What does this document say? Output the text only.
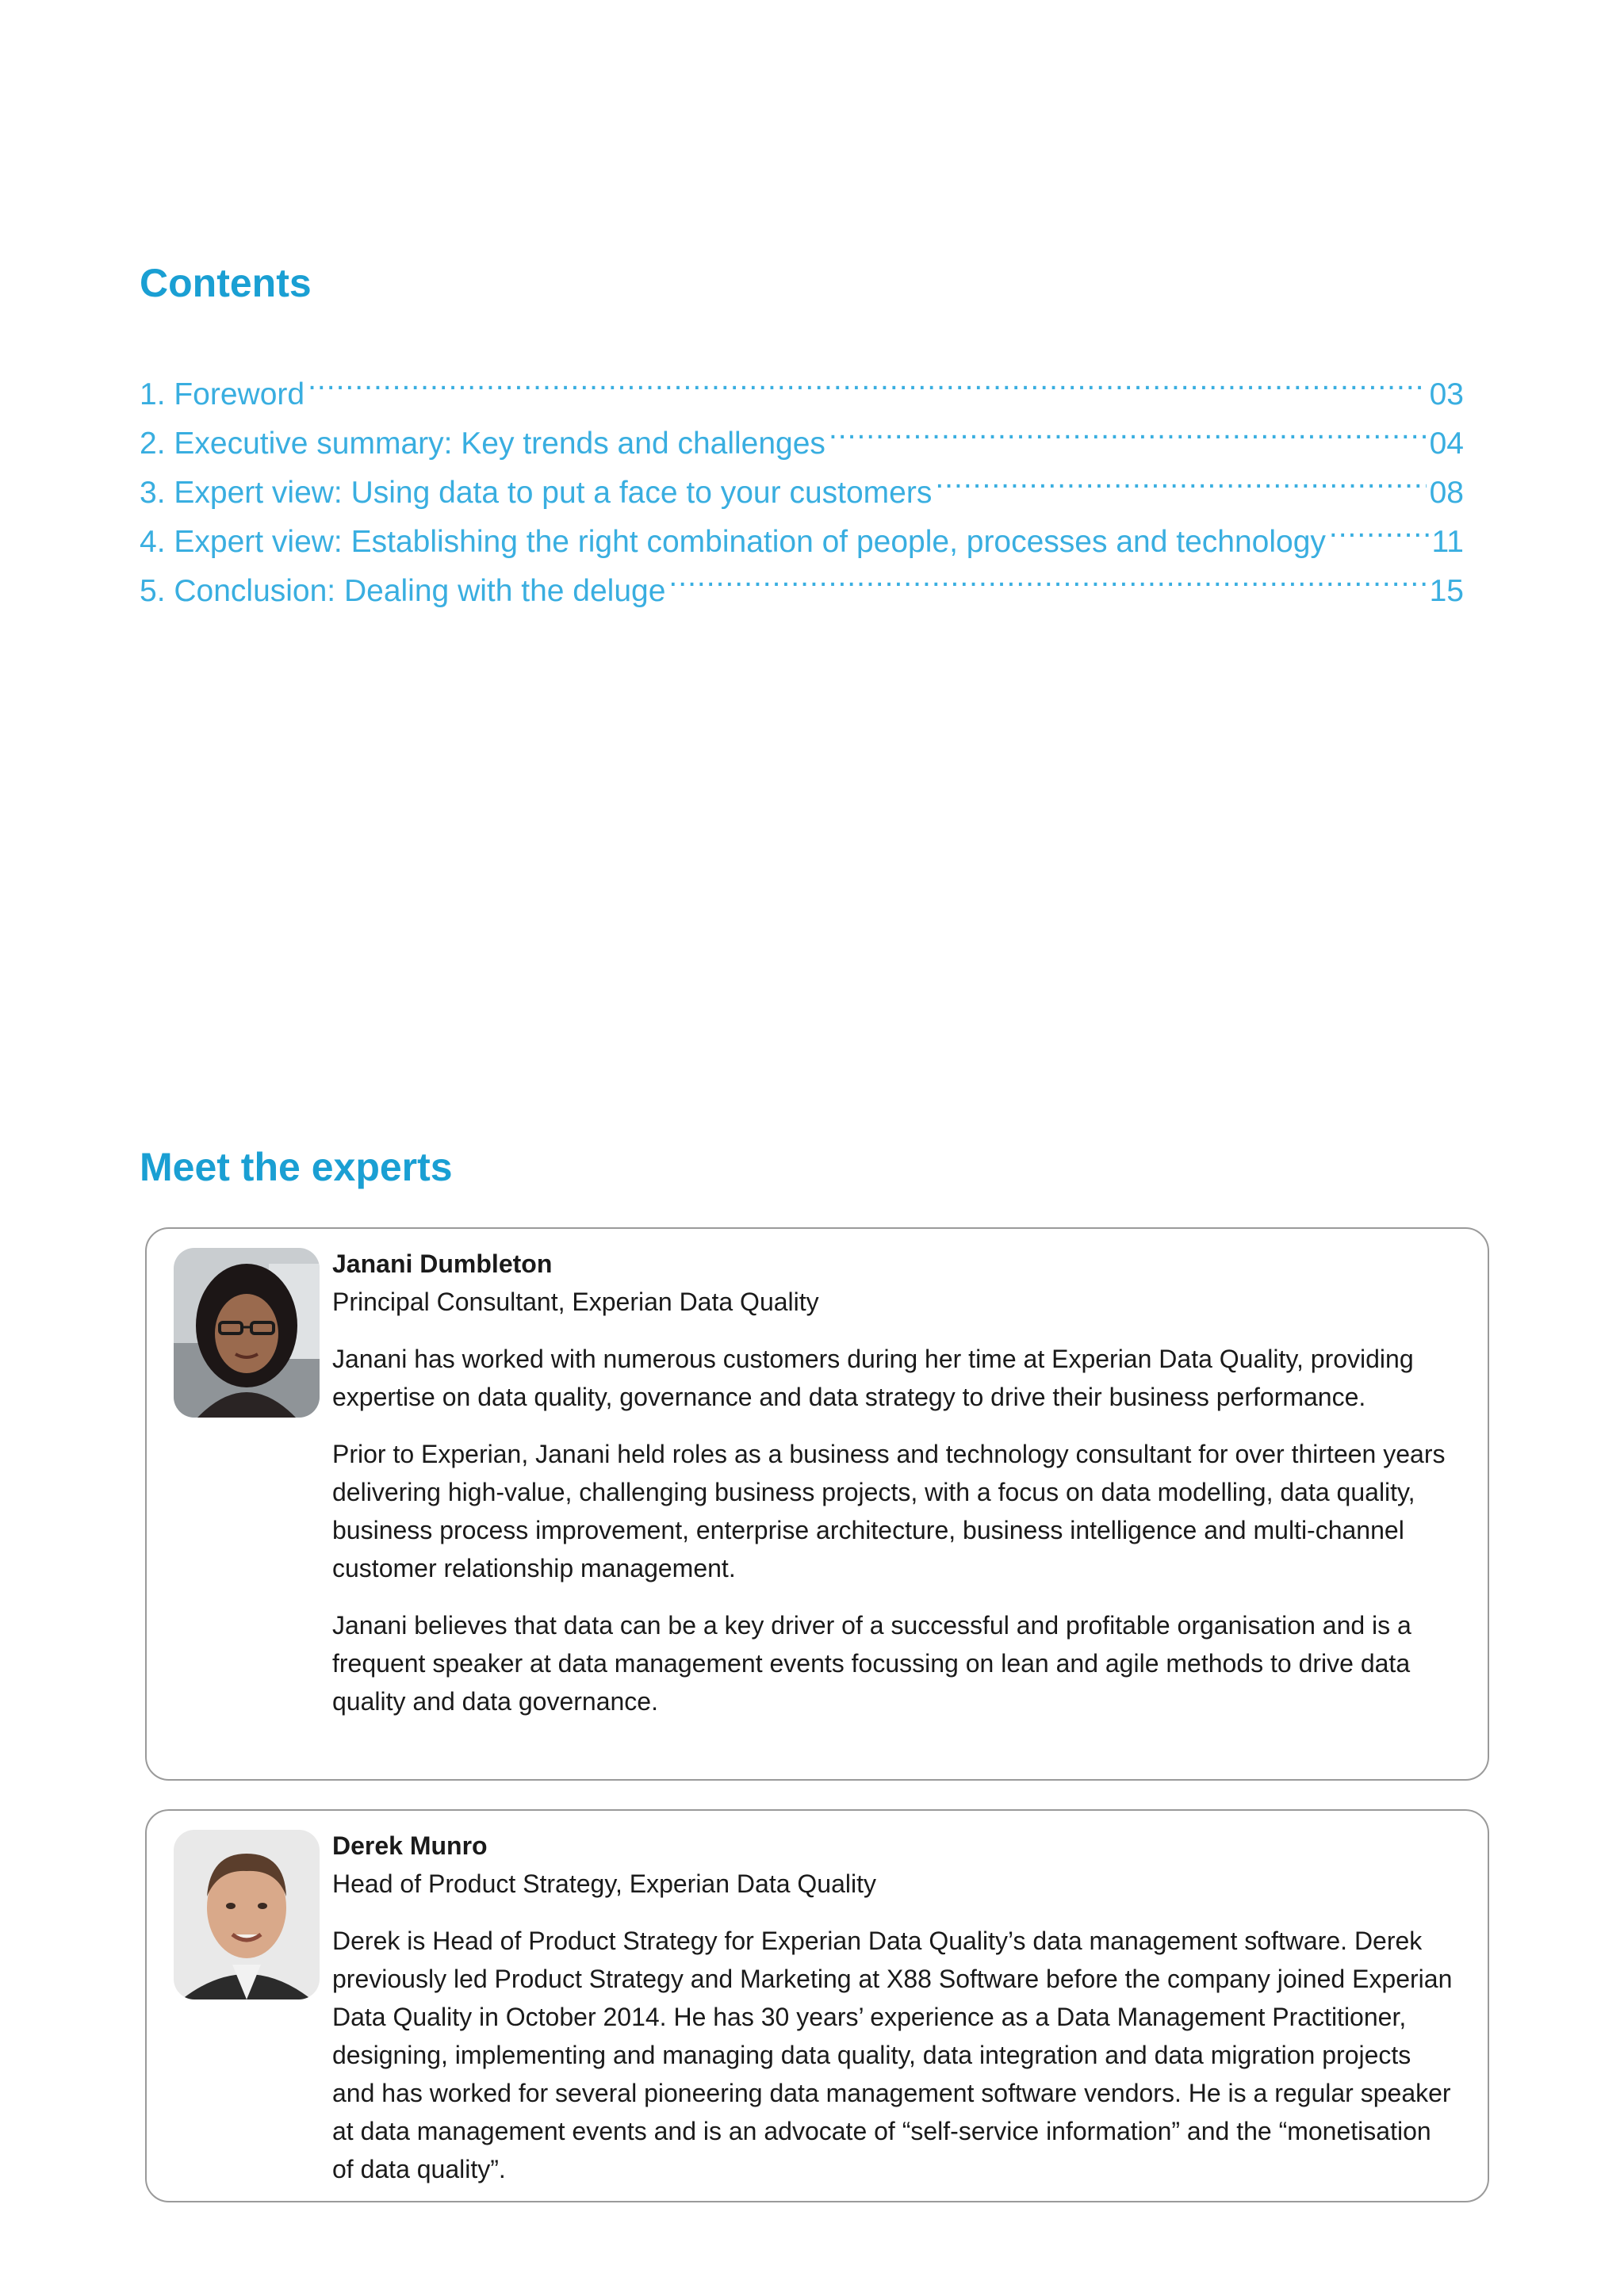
Contents
1. Foreword .....	03
2. Executive summary: Key trends and challenges .....	04
3. Expert view: Using data to put a face to your customers .....	08
4. Expert view: Establishing the right combination of people, processes and technology .....	11
5. Conclusion: Dealing with the deluge .....	15
Meet the experts
Janani Dumbleton
Principal Consultant, Experian Data Quality

Janani has worked with numerous customers during her time at Experian Data Quality, providing expertise on data quality, governance and data strategy to drive their business performance.

Prior to Experian, Janani held roles as a business and technology consultant for over thirteen years delivering high-value, challenging business projects, with a focus on data modelling, data quality, business process improvement, enterprise architecture, business intelligence and multi-channel customer relationship management.

Janani believes that data can be a key driver of a successful and profitable organisation and is a frequent speaker at data management events focussing on lean and agile methods to drive data quality and data governance.

Derek Munro
Head of Product Strategy, Experian Data Quality

Derek is Head of Product Strategy for Experian Data Quality’s data management software. Derek previously led Product Strategy and Marketing at X88 Software before the company joined Experian Data Quality in October 2014. He has 30 years’ experience as a Data Management Practitioner, designing, implementing and managing data quality, data integration and data migration projects and has worked for several pioneering data management software vendors. He is a regular speaker at data management events and is an advocate of “self-service information” and the “monetisation of data quality”.
